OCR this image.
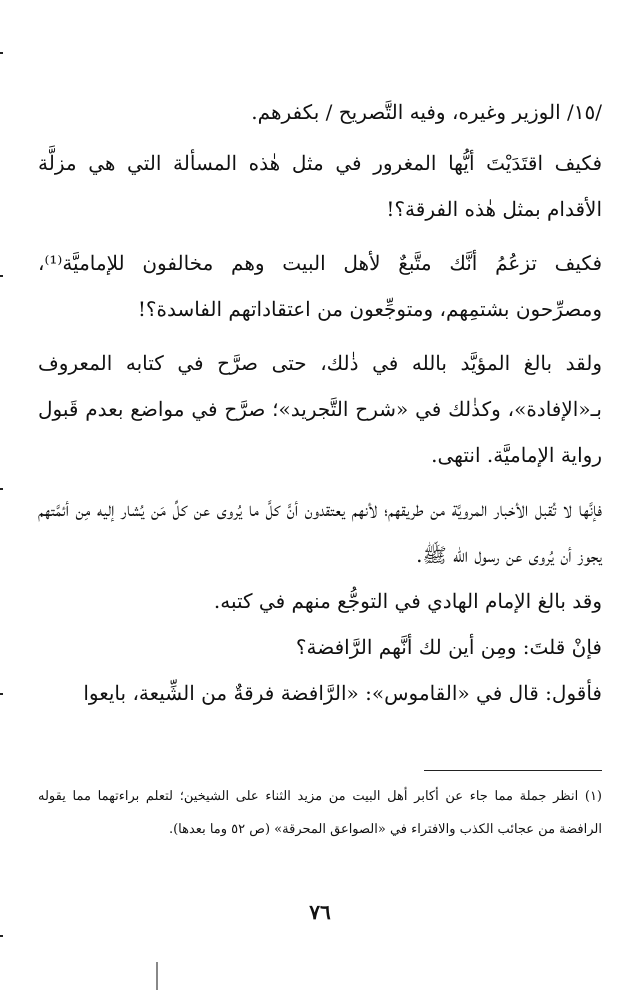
/١٥/ الوزير وغيره، وفيه التَّصريح / بكفرهم.

فكيف اقتَدَيْتَ أيُّها المغرور في مثل هٰذه المسألة التي هي مزلَّة الأقدام بمثل هٰذه الفرقة؟!

فكيف تزعُمُ أنَّك متَّبعٌ لأهل البيت وهم مخالفون للإماميَّة⁽¹⁾، ومصرِّحون بشتمِهم، ومتوجِّعون من اعتقاداتهم الفاسدة؟!

ولقد بالغ المؤيَّد بالله في ذٰلك، حتى صرَّح في كتابه المعروف بـ«الإفادة»، وكذٰلك في «شرح التَّجريد»؛ صرَّح في مواضع بعدم قَبول رواية الإماميَّة. انتهى.

فإنَّها لا تُقبل الأخبار المرويَّة من طريقهم؛ لأنهم يعتقدون أنَّ كلَّ ما يُروى عن كلِّ مَن يُشار إليه مِن أئمَّتهم يجوز أن يُروى عن رسول الله ﷺ.

وقد بالغ الإمام الهادي في التوجُّع منهم في كتبه.

فإنْ قلتَ: ومِن أين لك أنَّهم الرَّافضة؟

فأقول: قال في «القاموس»: «الرَّافضة فرقةٌ من الشِّيعة، بايعوا

(١) انظر جملة مما جاء عن أكابر أهل البيت من مزيد الثناء على الشيخين؛ لتعلم براءتهما مما يقوله الرافضة من عجائب الكذب والافتراء في «الصواعق المحرقة» (ص ٥٢ وما بعدها).

٧٦
